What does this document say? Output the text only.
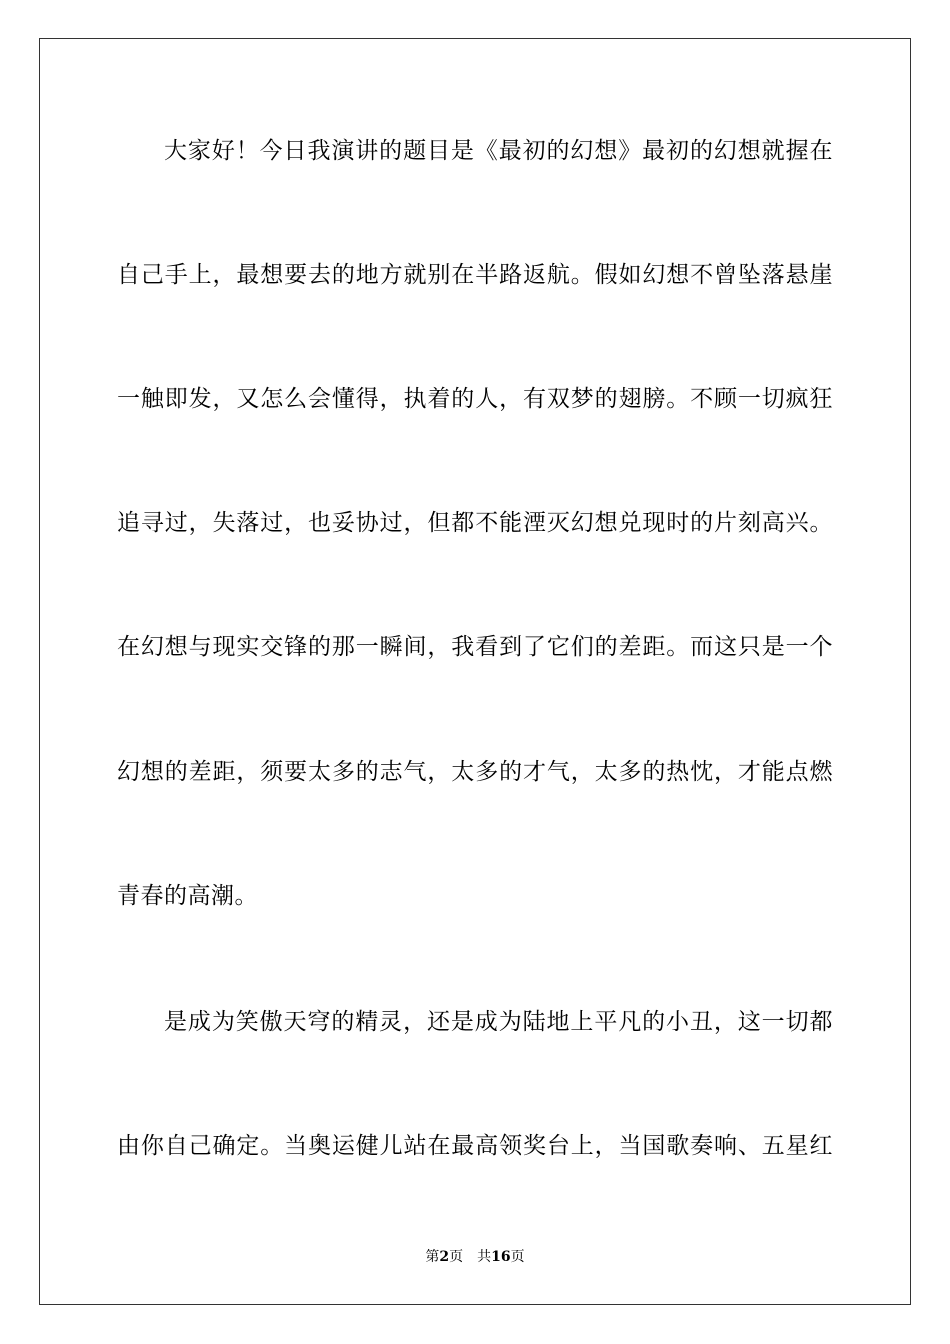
大家好！今日我演讲的题目是《最初的幻想》最初的幻想就握在
自己手上，最想要去的地方就别在半路返航。假如幻想不曾坠落悬崖
一触即发，又怎么会懂得，执着的人，有双梦的翅膀。不顾一切疯狂
追寻过，失落过，也妥协过，但都不能湮灭幻想兑现时的片刻高兴。
在幻想与现实交锋的那一瞬间，我看到了它们的差距。而这只是一个
幻想的差距，须要太多的志气，太多的才气，太多的热忱，才能点燃
青春的高潮。
是成为笑傲天穹的精灵，还是成为陆地上平凡的小丑，这一切都
由你自己确定。当奥运健儿站在最高领奖台上，当国歌奏响、五星红
第2页 共16页
